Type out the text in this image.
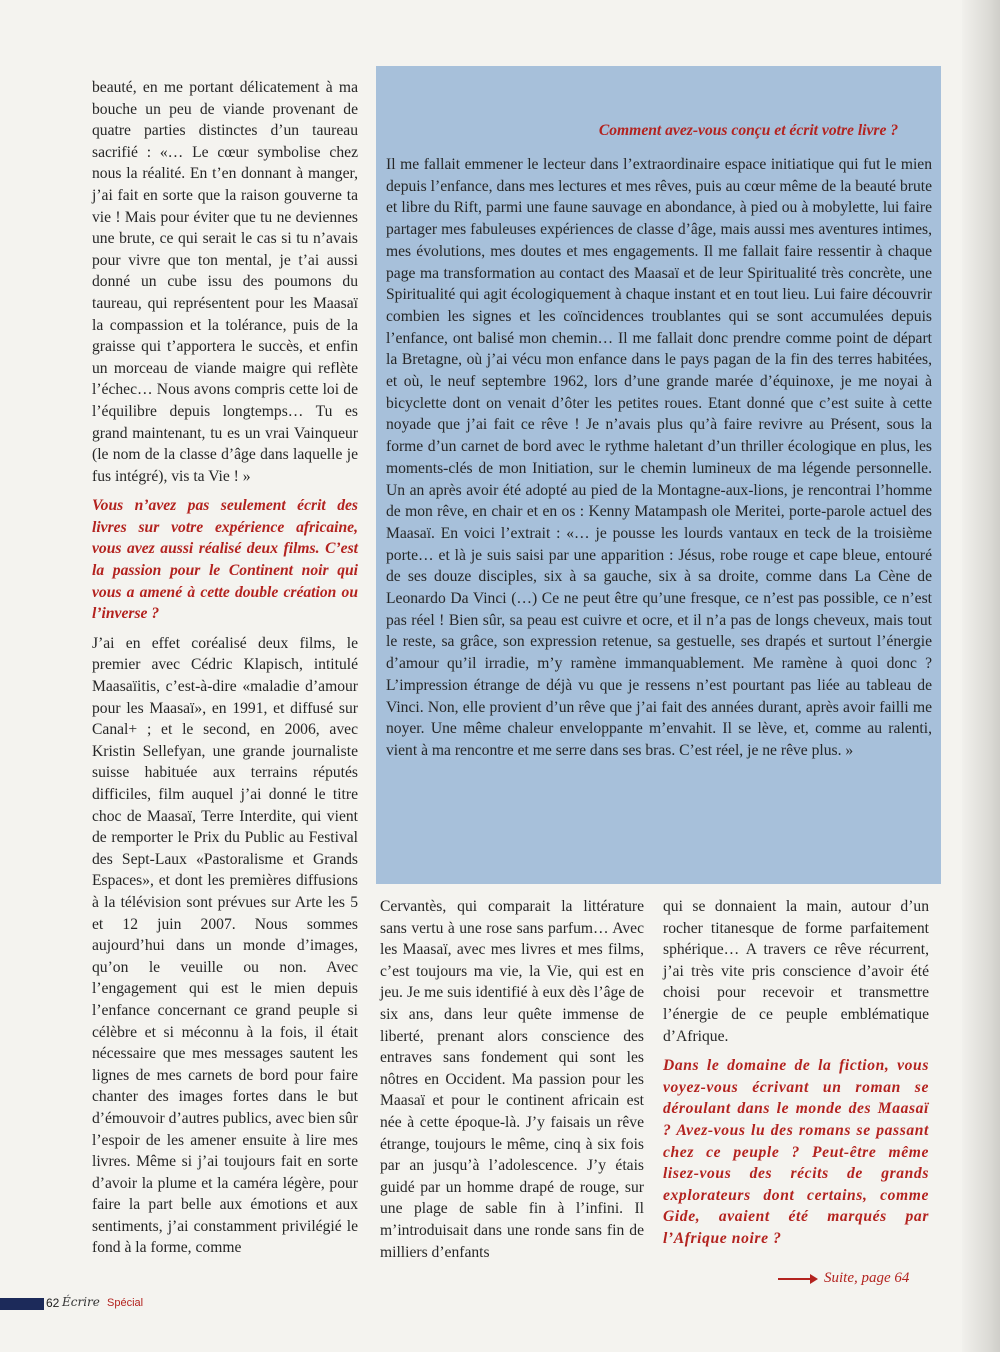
beauté, en me portant délicatement à ma bouche un peu de viande provenant de quatre parties distinctes d’un taureau sacrifié : «… Le cœur symbolise chez nous la réalité. En t’en donnant à manger, j’ai fait en sorte que la raison gouverne ta vie ! Mais pour éviter que tu ne deviennes une brute, ce qui serait le cas si tu n’avais pour vivre que ton mental, je t’ai aussi donné un cube issu des poumons du taureau, qui représentent pour les Maasaï la compassion et la tolérance, puis de la graisse qui t’apportera le succès, et enfin un morceau de viande maigre qui reflète l’échec… Nous avons compris cette loi de l’équilibre depuis longtemps… Tu es grand maintenant, tu es un vrai Vainqueur (le nom de la classe d’âge dans laquelle je fus intégré), vis ta Vie ! »

Vous n’avez pas seulement écrit des livres sur votre expérience africaine, vous avez aussi réalisé deux films. C’est la passion pour le Continent noir qui vous a amené à cette double création ou l’inverse ?

J’ai en effet coréalisé deux films, le premier avec Cédric Klapisch, intitulé Maasaïitis, c’est-à-dire «maladie d’amour pour les Maasaï», en 1991, et diffusé sur Canal+ ; et le second, en 2006, avec Kristin Sellefyan, une grande journaliste suisse habituée aux terrains réputés difficiles, film auquel j’ai donné le titre choc de Maasaï, Terre Interdite, qui vient de remporter le Prix du Public au Festival des Sept-Laux «Pastoralisme et Grands Espaces», et dont les premières diffusions à la télévision sont prévues sur Arte les 5 et 12 juin 2007. Nous sommes aujourd’hui dans un monde d’images, qu’on le veuille ou non. Avec l’engagement qui est le mien depuis l’enfance concernant ce grand peuple si célèbre et si méconnu à la fois, il était nécessaire que mes messages sautent les lignes de mes carnets de bord pour faire chanter des images fortes dans le but d’émouvoir d’autres publics, avec bien sûr l’espoir de les amener ensuite à lire mes livres. Même si j’ai toujours fait en sorte d’avoir la plume et la caméra légère, pour faire la part belle aux émotions et aux sentiments, j’ai constamment privilégié le fond à la forme, comme

Comment avez-vous conçu et écrit votre livre ?

Il me fallait emmener le lecteur dans l’extraordinaire espace initiatique qui fut le mien depuis l’enfance, dans mes lectures et mes rêves, puis au cœur même de la beauté brute et libre du Rift, parmi une faune sauvage en abondance, à pied ou à mobylette, lui faire partager mes fabuleuses expériences de classe d’âge, mais aussi mes aventures intimes, mes évolutions, mes doutes et mes engagements. Il me fallait faire ressentir à chaque page ma transformation au contact des Maasaï et de leur Spiritualité très concrète, une Spiritualité qui agit écologiquement à chaque instant et en tout lieu. Lui faire découvrir combien les signes et les coïncidences troublantes qui se sont accumulées depuis l’enfance, ont balisé mon chemin… Il me fallait donc prendre comme point de départ la Bretagne, où j’ai vécu mon enfance dans le pays pagan de la fin des terres habitées, et où, le neuf septembre 1962, lors d’une grande marée d’équinoxe, je me noyai à bicyclette dont on venait d’ôter les petites roues. Etant donné que c’est suite à cette noyade que j’ai fait ce rêve ! Je n’avais plus qu’à faire revivre au Présent, sous la forme d’un carnet de bord avec le rythme haletant d’un thriller écologique en plus, les moments-clés de mon Initiation, sur le chemin lumineux de ma légende personnelle. Un an après avoir été adopté au pied de la Montagne-aux-lions, je rencontrai l’homme de mon rêve, en chair et en os : Kenny Matampash ole Meritei, porte-parole actuel des Maasaï. En voici l’extrait : «… je pousse les lourds vantaux en teck de la troisième porte… et là je suis saisi par une apparition : Jésus, robe rouge et cape bleue, entouré de ses douze disciples, six à sa gauche, six à sa droite, comme dans La Cène de Leonardo Da Vinci (…) Ce ne peut être qu’une fresque, ce n’est pas possible, ce n’est pas réel ! Bien sûr, sa peau est cuivre et ocre, et il n’a pas de longs cheveux, mais tout le reste, sa grâce, son expression retenue, sa gestuelle, ses drapés et surtout l’énergie d’amour qu’il irradie, m’y ramène immanquablement. Me ramène à quoi donc ? L’impression étrange de déjà vu que je ressens n’est pourtant pas liée au tableau de Vinci. Non, elle provient d’un rêve que j’ai fait des années durant, après avoir failli me noyer. Une même chaleur enveloppante m’envahit. Il se lève, et, comme au ralenti, vient à ma rencontre et me serre dans ses bras. C’est réel, je ne rêve plus. »

Cervantès, qui comparait la littérature sans vertu à une rose sans parfum… Avec les Maasaï, avec mes livres et mes films, c’est toujours ma vie, la Vie, qui est en jeu. Je me suis identifié à eux dès l’âge de six ans, dans leur quête immense de liberté, prenant alors conscience des entraves sans fondement qui sont les nôtres en Occident. Ma passion pour les Maasaï et pour le continent africain est née à cette époque-là. J’y faisais un rêve étrange, toujours le même, cinq à six fois par an jusqu’à l’adolescence. J’y étais guidé par un homme drapé de rouge, sur une plage de sable fin à l’infini. Il m’introduisait dans une ronde sans fin de milliers d’enfants

qui se donnaient la main, autour d’un rocher titanesque de forme parfaitement sphérique… A travers ce rêve récurrent, j’ai très vite pris conscience d’avoir été choisi pour recevoir et transmettre l’énergie de ce peuple emblématique d’Afrique.

Dans le domaine de la fiction, vous voyez-vous écrivant un roman se déroulant dans le monde des Maasaï ? Avez-vous lu des romans se passant chez ce peuple ? Peut-être même lisez-vous des récits de grands explorateurs dont certains, comme Gide, avaient été marqués par l’Afrique noire ?

62 Écrire Spécial
Suite, page 64
